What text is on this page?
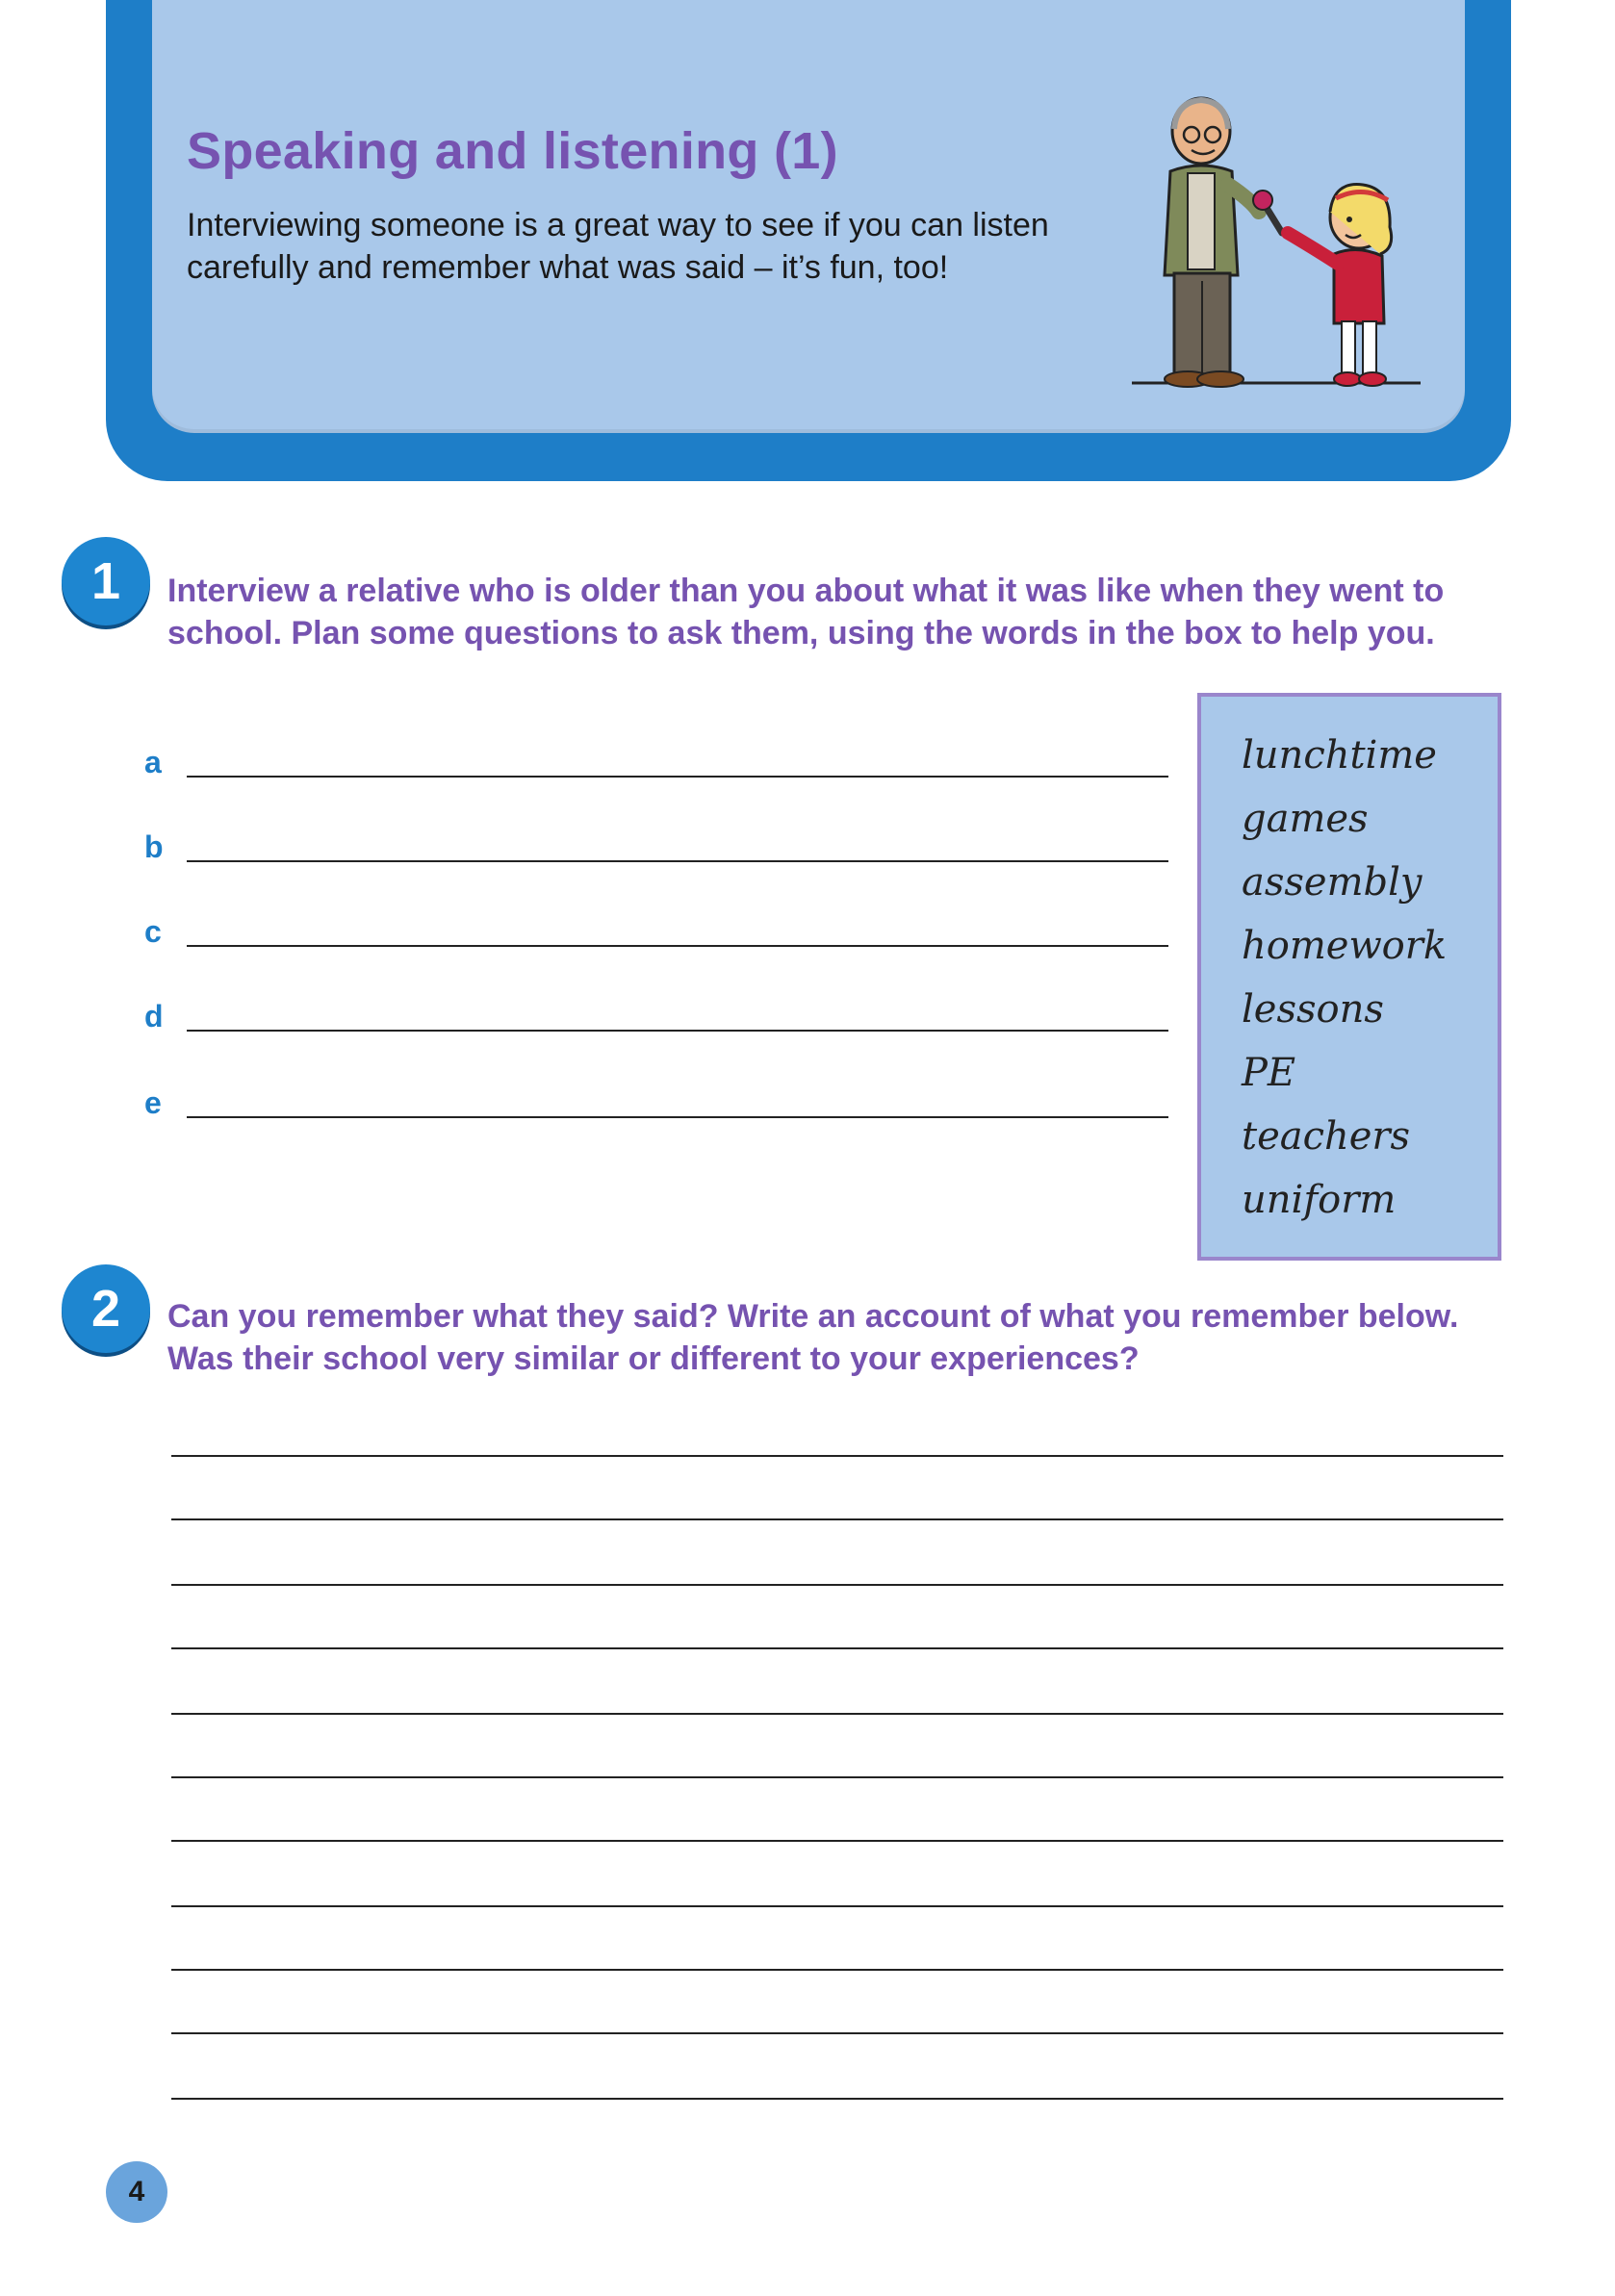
Speaking and listening (1)

Interviewing someone is a great way to see if you can listen carefully and remember what was said – it’s fun, too!

1	Interview a relative who is older than you about what it was like when they went to school. Plan some questions to ask them, using the words in the box to help you.

a
b
c
d
e
lunchtime
games
assembly
homework
lessons
PE
teachers
uniform
2	Can you remember what they said? Write an account of what you remember below. Was their school very similar or different to your experiences?

4
